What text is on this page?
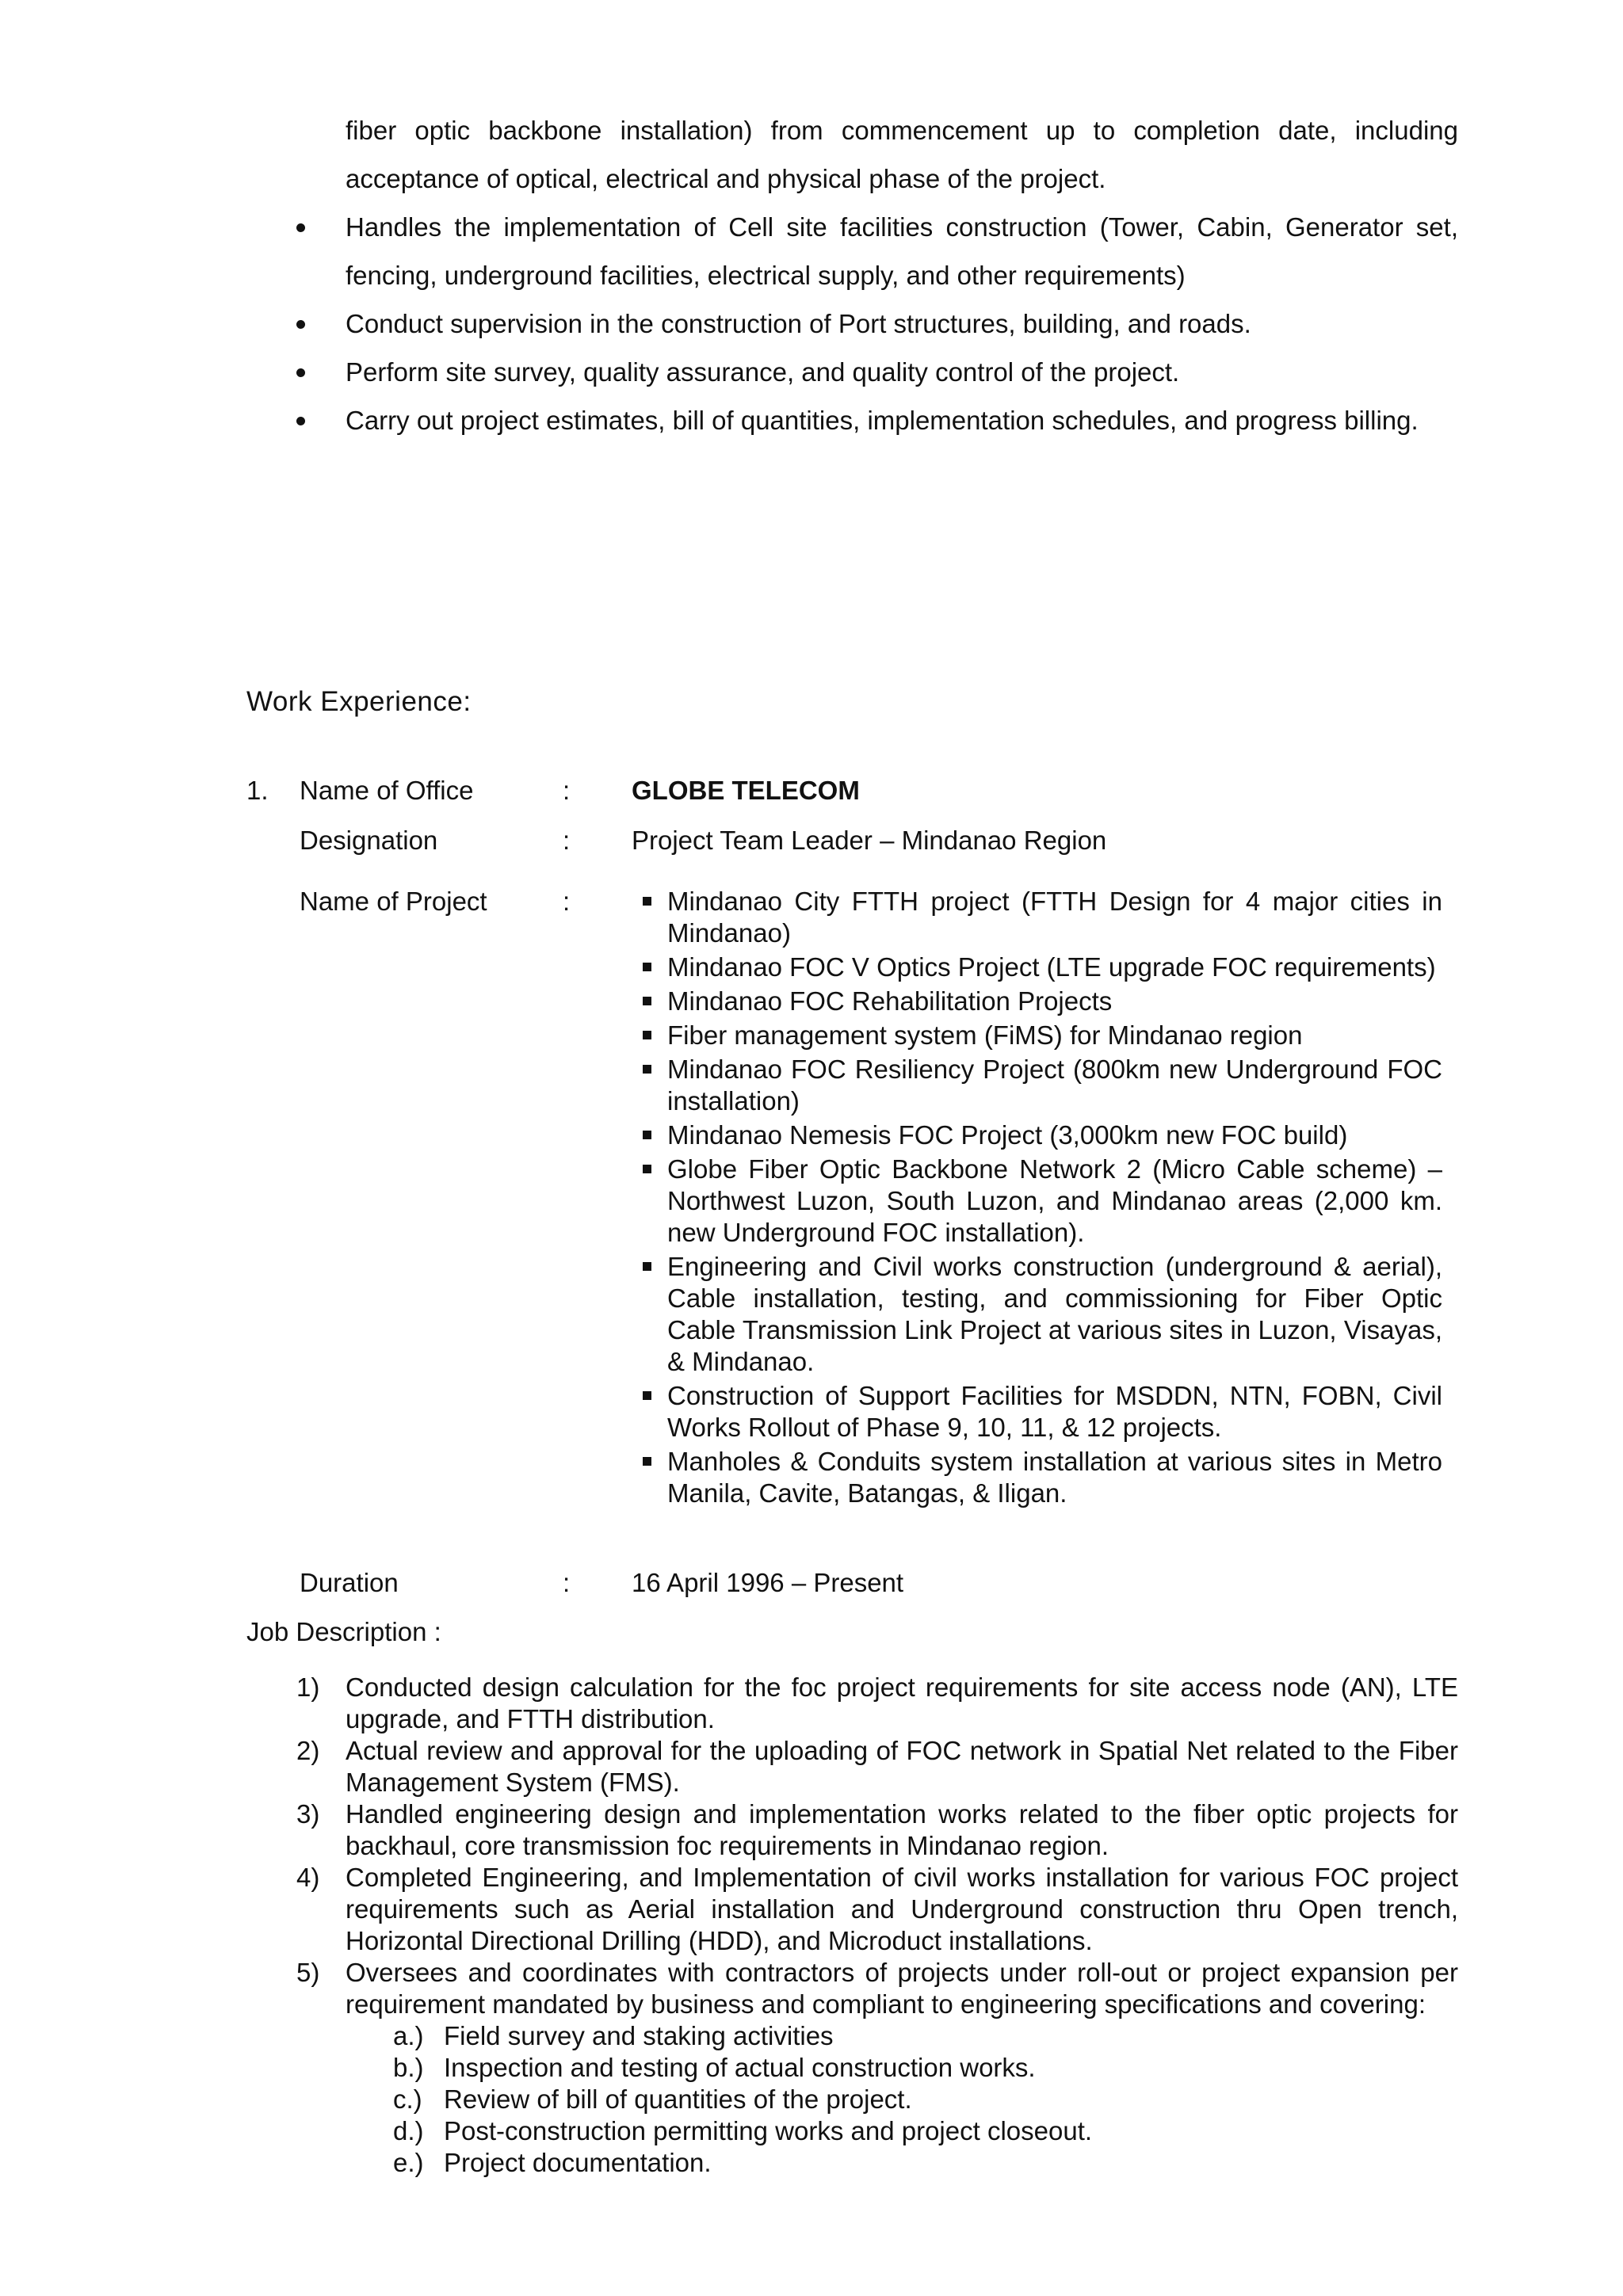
fiber optic backbone installation) from commencement up to completion date, including acceptance of optical, electrical and physical phase of the project.
Handles the implementation of Cell site facilities construction (Tower, Cabin, Generator set, fencing, underground facilities, electrical supply, and other requirements)
Conduct supervision in the construction of Port structures, building, and roads.
Perform site survey, quality assurance, and quality control of the project.
Carry out project estimates, bill of quantities, implementation schedules, and progress billing.
Work Experience:
1. Name of Office	: GLOBE TELECOM
Designation	: Project Team Leader – Mindanao Region
Name of Project	:	Mindanao City FTTH project (FTTH Design for 4 major cities in Mindanao)
Mindanao FOC V Optics Project (LTE upgrade FOC requirements)
Mindanao FOC Rehabilitation Projects
Fiber management system (FiMS) for Mindanao region
Mindanao FOC Resiliency Project (800km new Underground FOC installation)
Mindanao Nemesis FOC Project (3,000km new FOC build)
Globe Fiber Optic Backbone Network 2 (Micro Cable scheme) – Northwest Luzon, South Luzon, and Mindanao areas (2,000 km. new Underground FOC installation).
Engineering and Civil works construction (underground & aerial), Cable installation, testing, and commissioning for Fiber Optic Cable Transmission Link Project at various sites in Luzon, Visayas, & Mindanao.
Construction of Support Facilities for MSDDN, NTN, FOBN, Civil Works Rollout of Phase 9, 10, 11, & 12 projects.
Manholes & Conduits system installation at various sites in Metro Manila, Cavite, Batangas, & Iligan.
Duration	: 16 April 1996 – Present
Job Description :
1) Conducted design calculation for the foc project requirements for site access node (AN), LTE upgrade, and FTTH distribution.
2) Actual review and approval for the uploading of FOC network in Spatial Net related to the Fiber Management System (FMS).
3) Handled engineering design and implementation works related to the fiber optic projects for backhaul, core transmission foc requirements in Mindanao region.
4) Completed Engineering, and Implementation of civil works installation for various FOC project requirements such as Aerial installation and Underground construction thru Open trench, Horizontal Directional Drilling (HDD), and Microduct installations.
5) Oversees and coordinates with contractors of projects under roll-out or project expansion per requirement mandated by business and compliant to engineering specifications and covering:
a.) Field survey and staking activities
b.) Inspection and testing of actual construction works.
c.) Review of bill of quantities of the project.
d.) Post-construction permitting works and project closeout.
e.) Project documentation.
